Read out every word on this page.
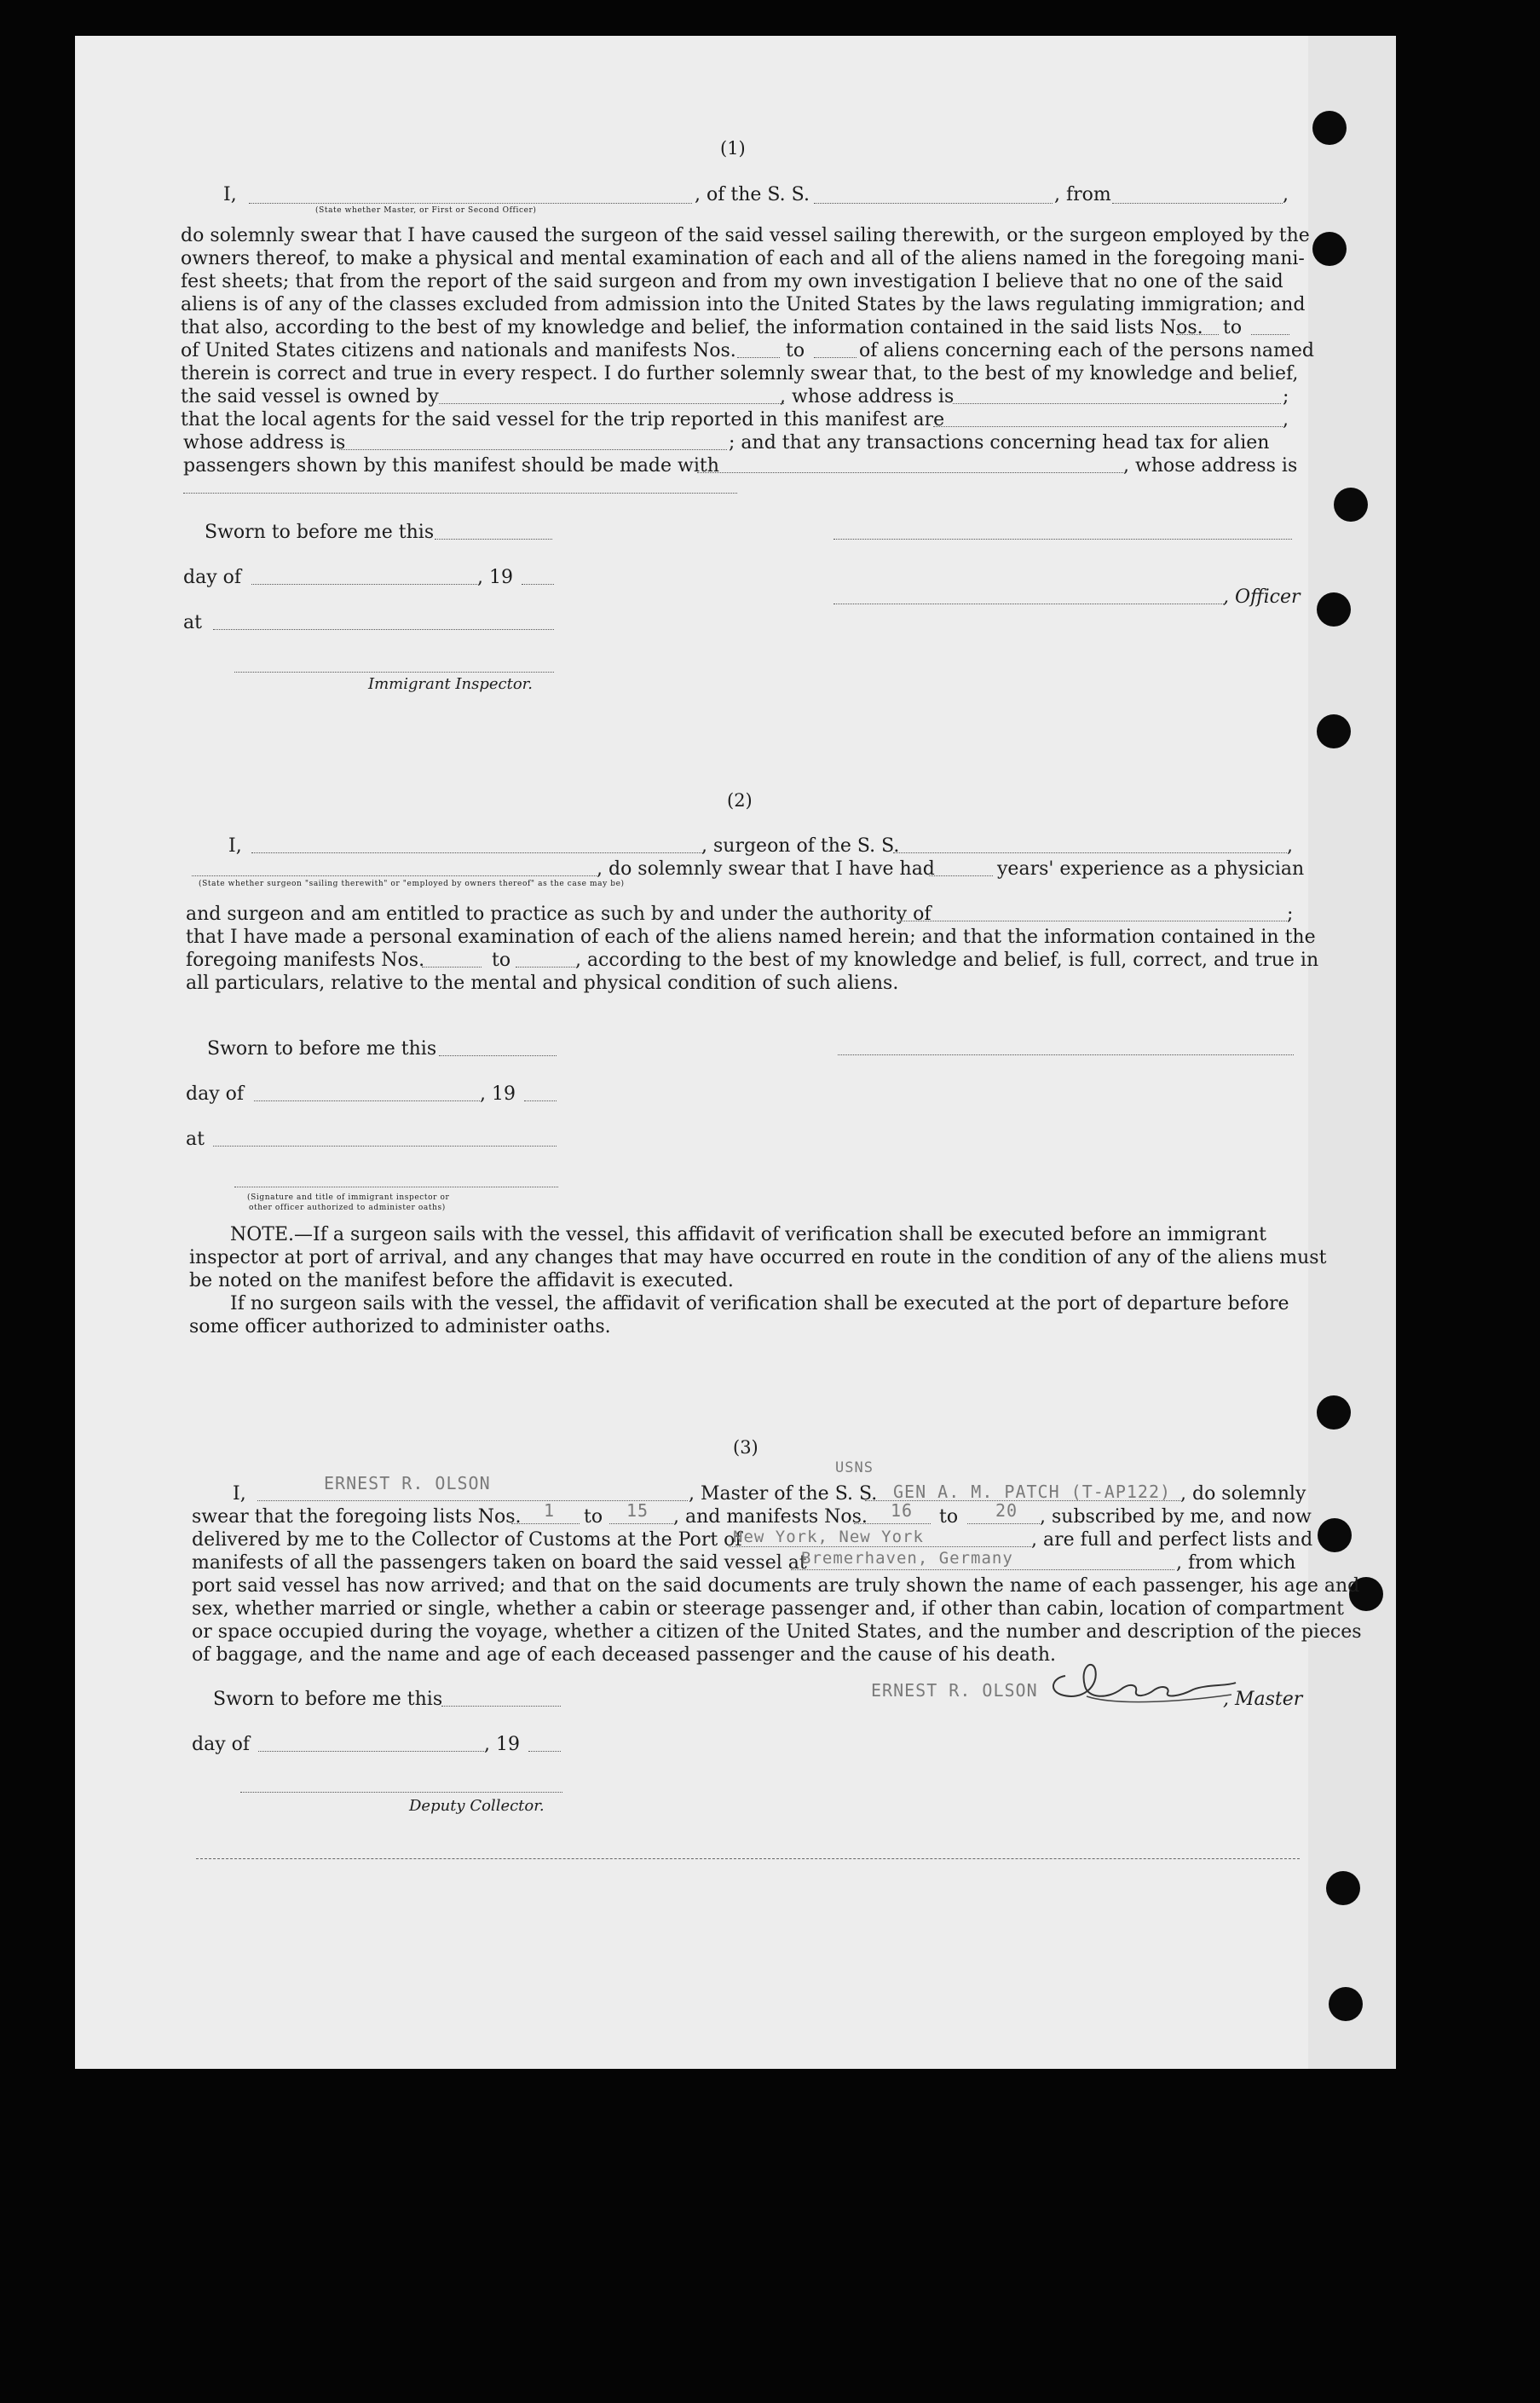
(1)
I,	, of the S. S.	, from	,
(State whether Master, or First or Second Officer)
do solemnly swear that I have caused the surgeon of the said vessel sailing therewith, or the surgeon employed by the
owners thereof, to make a physical and mental examination of each and all of the aliens named in the foregoing mani-
fest sheets; that from the report of the said surgeon and from my own investigation I believe that no one of the said
aliens is of any of the classes excluded from admission into the United States by the laws regulating immigration; and
that also, according to the best of my knowledge and belief, the information contained in the said lists Nos. to
of United States citizens and nationals and manifests Nos.	to	of aliens concerning each of the persons named
therein is correct and true in every respect. I do further solemnly swear that, to the best of my knowledge and belief,
the said vessel is owned by	, whose address is	;
that the local agents for the said vessel for the trip reported in this manifest are	,
whose address is	; and that any transactions concerning head tax for alien
passengers shown by this manifest should be made with	, whose address is
Sworn to before me this
day of	, 19
, Officer
at
Immigrant Inspector.
(2)
I,	, surgeon of the S. S.	,
, do solemnly swear that I have had	years' experience as a physician
(State whether surgeon "sailing therewith" or "employed by owners thereof" as the case may be)
and surgeon and am entitled to practice as such by and under the authority of	;
that I have made a personal examination of each of the aliens named herein; and that the information contained in the
foregoing manifests Nos.	to	, according to the best of my knowledge and belief, is full, correct, and true in
all particulars, relative to the mental and physical condition of such aliens.
Sworn to before me this
day of	, 19
at
(Signature and title of immigrant inspector or
other officer authorized to administer oaths)
NOTE.—If a surgeon sails with the vessel, this affidavit of verification shall be executed before an immigrant
inspector at port of arrival, and any changes that may have occurred en route in the condition of any of the aliens must
be noted on the manifest before the affidavit is executed.
If no surgeon sails with the vessel, the affidavit of verification shall be executed at the port of departure before
some officer authorized to administer oaths.
(3)
I,	ERNEST R. OLSON	, Master of the S. S.
USNS
GEN A. M. PATCH (T-AP122) , do solemnly
swear that the foregoing lists Nos. 1 to 15 , and manifests Nos. 16 to 20 , subscribed by me, and now
delivered by me to the Collector of Customs at the Port of
New York, New York	, are full and perfect lists and
manifests of all the passengers taken on board the said vessel at
Bremerhaven, Germany	, from which
port said vessel has now arrived; and that on the said documents are truly shown the name of each passenger, his age and
sex, whether married or single, whether a cabin or steerage passenger and, if other than cabin, location of compartment
or space occupied during the voyage, whether a citizen of the United States, and the number and description of the pieces
of baggage, and the name and age of each deceased passenger and the cause of his death.
Sworn to before me this	ERNEST R. OLSON	, Master
day of	, 19
Deputy Collector.
